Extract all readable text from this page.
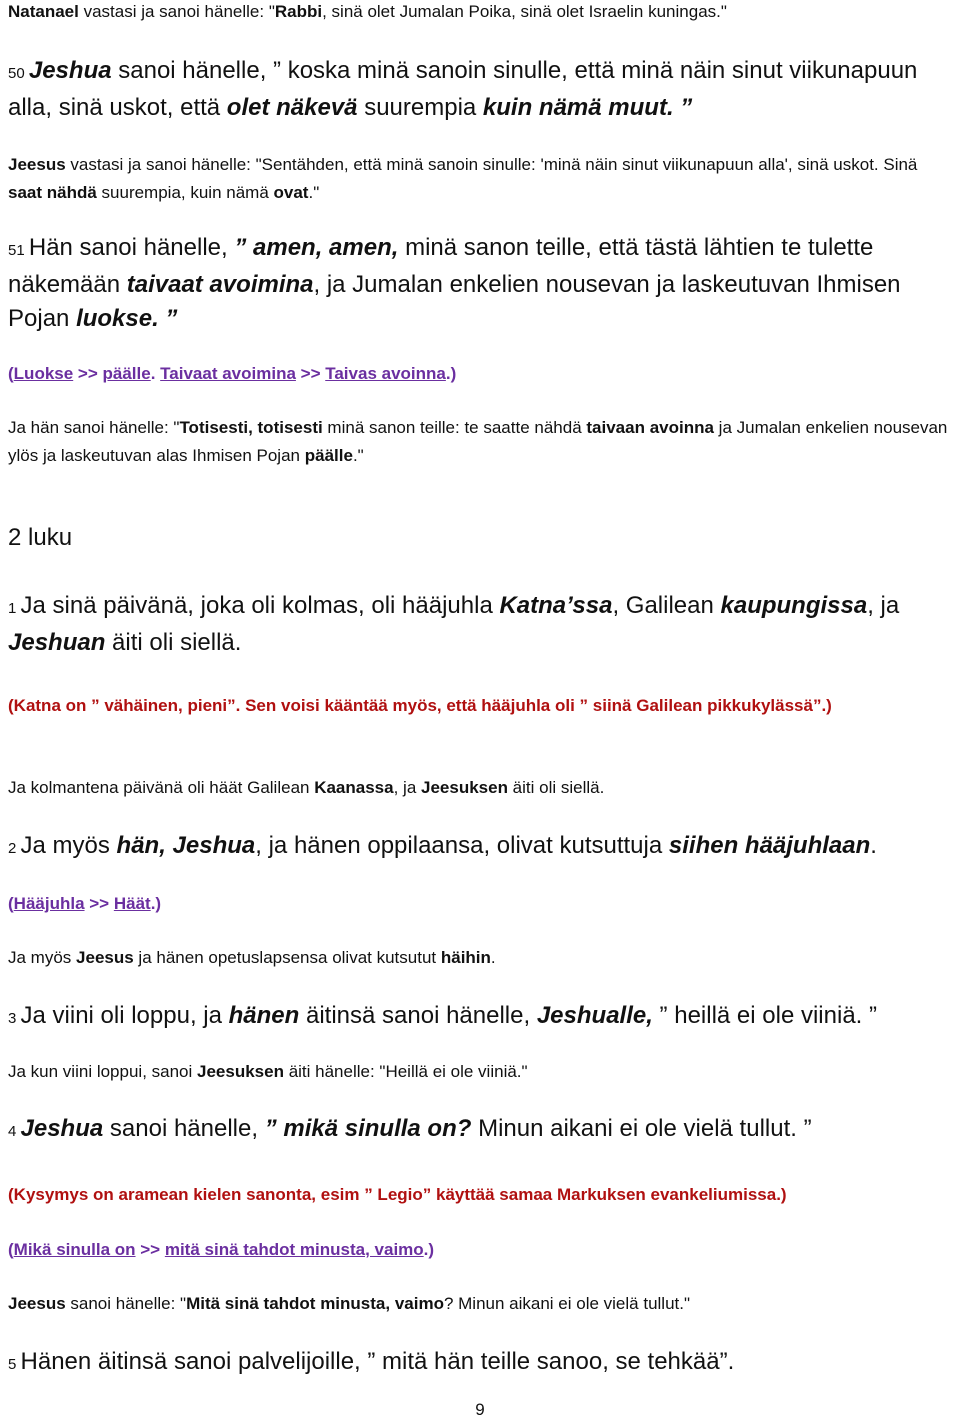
Natanael vastasi ja sanoi hänelle: "Rabbi, sinä olet Jumalan Poika, sinä olet Israelin kuningas."

50 Jeshua sanoi hänelle, ” koska minä sanoin sinulle, että minä näin sinut viikunapuun alla, sinä uskot, että olet näkevä suurempia kuin nämä muut. ”

Jeesus vastasi ja sanoi hänelle: "Sentähden, että minä sanoin sinulle: 'minä näin sinut viikunapuun alla', sinä uskot. Sinä saat nähdä suurempia, kuin nämä ovat."

51 Hän sanoi hänelle, ” amen, amen, minä sanon teille, että tästä lähtien te tulette näkemään taivaat avoimina, ja Jumalan enkelien nousevan ja laskeutuvan Ihmisen Pojan luokse. ”

(Luokse >> päälle. Taivaat avoimina >> Taivas avoinna.)

Ja hän sanoi hänelle: "Totisesti, totisesti minä sanon teille: te saatte nähdä taivaan avoinna ja Jumalan enkelien nousevan ylös ja laskeutuvan alas Ihmisen Pojan päälle."

2 luku

1 Ja sinä päivänä, joka oli kolmas, oli hääjuhla Katna’ssa, Galilean kaupungissa, ja Jeshuan äiti oli siellä.

(Katna on ” vähäinen, pieni”. Sen voisi kääntää myös, että hääjuhla oli ” siinä Galilean pikkukylässä”.)

Ja kolmantena päivänä oli häät Galilean Kaanassa, ja Jeesuksen äiti oli siellä.

2 Ja myös hän, Jeshua, ja hänen oppilaansa, olivat kutsuttuja siihen hääjuhlaan.

(Hääjuhla >> Häät.)

Ja myös Jeesus ja hänen opetuslapsensa olivat kutsutut häihin.

3 Ja viini oli loppu, ja hänen äitinsä sanoi hänelle, Jeshualle, ” heillä ei ole viiniä. ”

Ja kun viini loppui, sanoi Jeesuksen äiti hänelle: "Heillä ei ole viiniä."

4 Jeshua sanoi hänelle, ” mikä sinulla on? Minun aikani ei ole vielä tullut. ”

(Kysymys on aramean kielen sanonta, esim ” Legio” käyttää samaa Markuksen evankeliumissa.)

(Mikä sinulla on >> mitä sinä tahdot minusta, vaimo.)

Jeesus sanoi hänelle: "Mitä sinä tahdot minusta, vaimo? Minun aikani ei ole vielä tullut."

5 Hänen äitinsä sanoi palvelijoille, ” mitä hän teille sanoo, se tehkää”.

9
